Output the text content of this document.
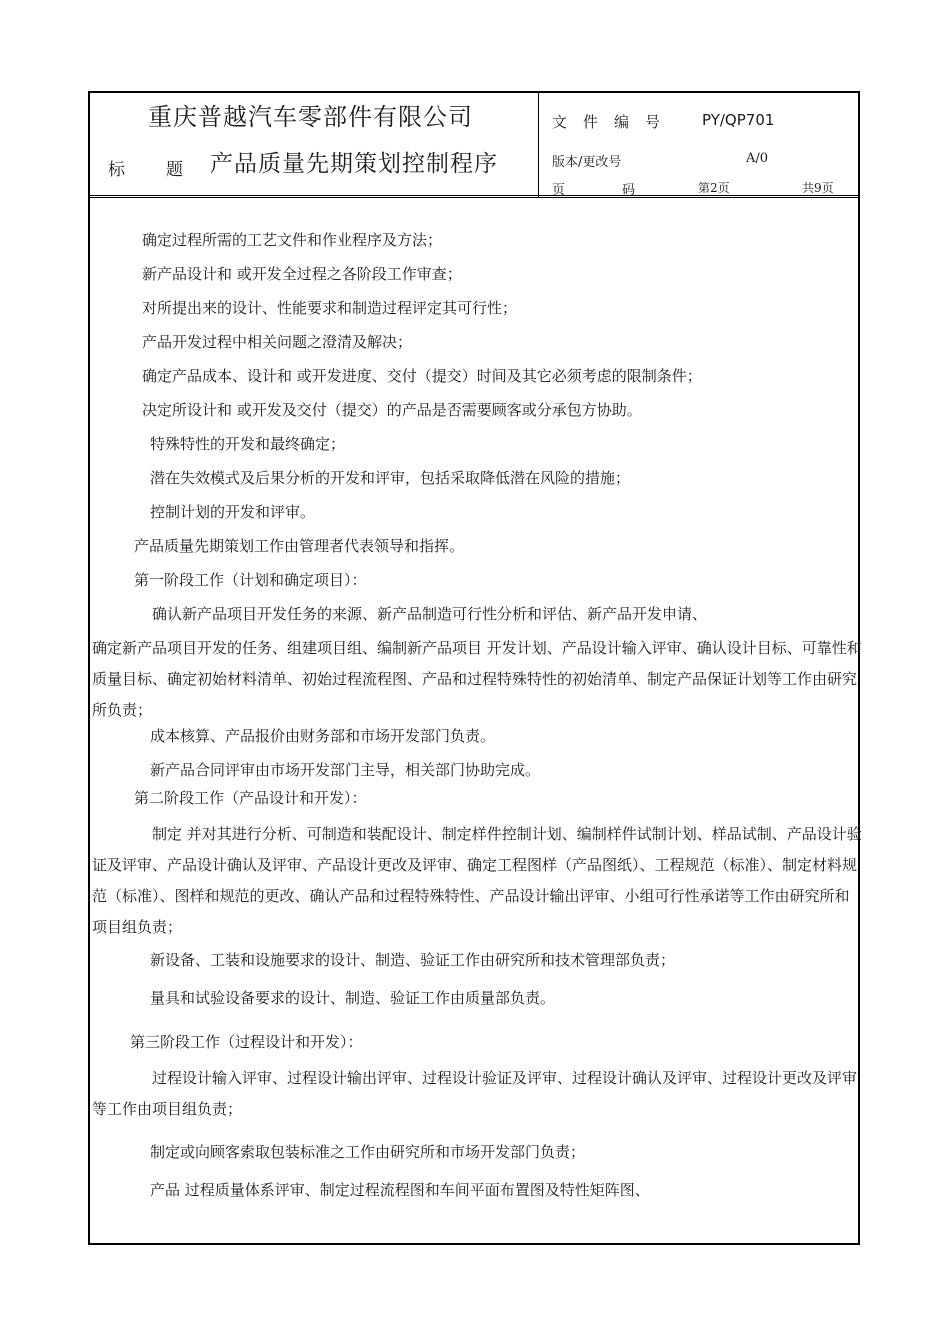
重庆普越汽车零部件有限公司
标 题 产品质量先期策划控制程序
文件编号 PY/QP701
版本/更改号	A/0
页	码	第2页	共9页
确定过程所需的工艺文件和作业程序及方法；
新产品设计和 或开发全过程之各阶段工作审查；
对所提出来的设计、性能要求和制造过程评定其可行性；
产品开发过程中相关问题之澄清及解决；
确定产品成本、设计和 或开发进度、交付（提交）时间及其它必须考虑的限制条件；
决定所设计和 或开发及交付（提交）的产品是否需要顾客或分承包方协助。
特殊特性的开发和最终确定；
潜在失效模式及后果分析的开发和评审，包括采取降低潜在风险的措施；
控制计划的开发和评审。
产品质量先期策划工作由管理者代表领导和指挥。
第一阶段工作（计划和确定项目）：
确认新产品项目开发任务的来源、新产品制造可行性分析和评估、新产品开发申请、
确定新产品项目开发的任务、组建项目组、编制新产品项目 开发计划、产品设计输入评审、确认设计目标、可靠性和质量目标、确定初始材料清单、初始过程流程图、产品和过程特殊特性的初始清单、制定产品保证计划等工作由研究所负责；
成本核算、产品报价由财务部和市场开发部门负责。
新产品合同评审由市场开发部门主导，相关部门协助完成。
第二阶段工作（产品设计和开发）：
制定 并对其进行分析、可制造和装配设计、制定样件控制计划、编制样件试制计划、样品试制、产品设计验证及评审、产品设计确认及评审、产品设计更改及评审、确定工程图样（产品图纸）、工程规范（标准）、制定材料规范（标准）、图样和规范的更改、确认产品和过程特殊特性、产品设计输出评审、小组可行性承诺等工作由研究所和项目组负责；
新设备、工装和设施要求的设计、制造、验证工作由研究所和技术管理部负责；
量具和试验设备要求的设计、制造、验证工作由质量部负责。
第三阶段工作（过程设计和开发）：
过程设计输入评审、过程设计输出评审、过程设计验证及评审、过程设计确认及评审、过程设计更改及评审等工作由项目组负责；
制定或向顾客索取包装标准之工作由研究所和市场开发部门负责；
产品 过程质量体系评审、制定过程流程图和车间平面布置图及特性矩阵图、
